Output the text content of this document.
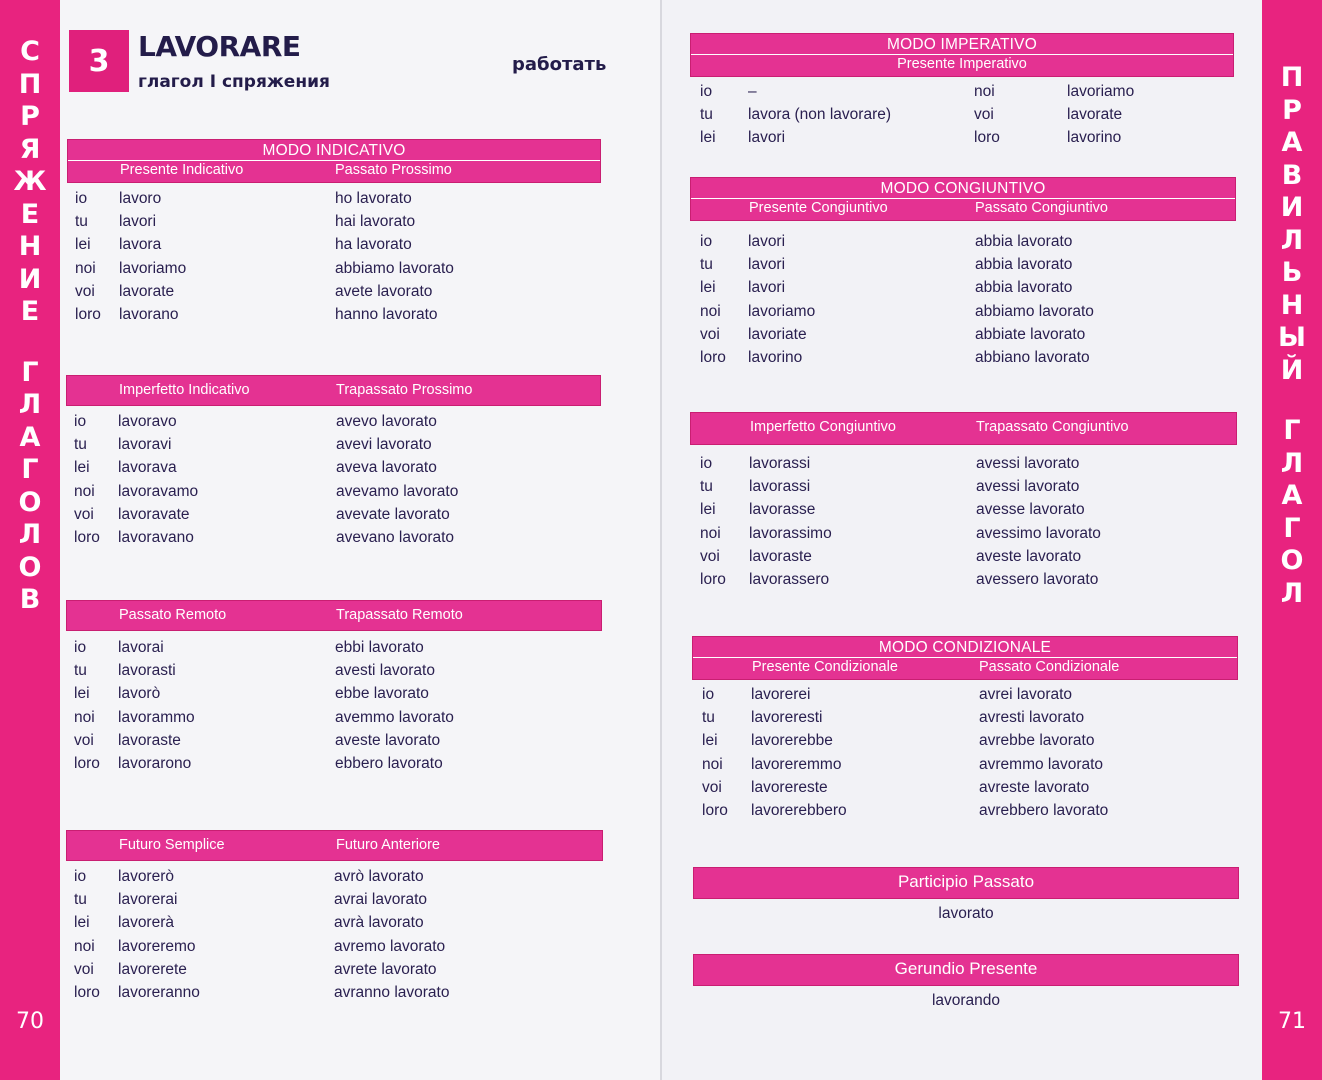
С
П
Р
Я
Ж
Е
Н
И
Е
Г
Л
А
Г
О
Л
О
В
70
П
Р
А
В
И
Л
Ь
Н
Ы
Й
Г
Л
А
Г
О
Л
71
3	LAVORARE
глагол I спряжения
работать
MODO INDICATIVO
Presente Indicativo	Passato Prossimo
io lavoro	ho lavorato
tu lavori	hai lavorato
lei lavora	ha lavorato
noi lavoriamo	abbiamo lavorato
voi lavorate	avete lavorato
loro lavorano	hanno lavorato
Imperfetto Indicativo	Trapassato Prossimo
io lavoravo	avevo lavorato
tu lavoravi	avevi lavorato
lei lavorava	aveva lavorato
noi lavoravamo	avevamo lavorato
voi lavoravate	avevate lavorato
loro lavoravano	avevano lavorato
Passato Remoto	Trapassato Remoto
io lavorai	ebbi lavorato
tu lavorasti	avesti lavorato
lei lavorò	ebbe lavorato
noi lavorammo	avemmo lavorato
voi lavoraste	aveste lavorato
loro lavorarono	ebbero lavorato
Futuro Semplice	Futuro Anteriore
io lavorerò	avrò lavorato
tu lavorerai	avrai lavorato
lei lavorerà	avrà lavorato
noi lavoreremo	avremo lavorato
voi lavorerete	avrete lavorato
loro lavoreranno	avranno lavorato
MODO IMPERATIVO
Presente Imperativo
io –	noi	lavoriamo
tu lavora (non lavorare)	voi	lavorate
lei lavori	loro	lavorino
MODO CONGIUNTIVO
Presente Congiuntivo	Passato Congiuntivo
io lavori	abbia lavorato
tu lavori	abbia lavorato
lei lavori	abbia lavorato
noi lavoriamo	abbiamo lavorato
voi lavoriate	abbiate lavorato
loro lavorino	abbiano lavorato
Imperfetto Congiuntivo	Trapassato Congiuntivo
io lavorassi	avessi lavorato
tu lavorassi	avessi lavorato
lei lavorasse	avesse lavorato
noi lavorassimo	avessimo lavorato
voi lavoraste	aveste lavorato
loro lavorassero	avessero lavorato
MODO CONDIZIONALE
Presente Condizionale	Passato Condizionale
io lavorerei	avrei lavorato
tu lavoreresti	avresti lavorato
lei lavorerebbe	avrebbe lavorato
noi lavoreremmo	avremmo lavorato
voi lavorereste	avreste lavorato
loro lavorerebbero	avrebbero lavorato
Participio Passato
lavorato
Gerundio Presente
lavorando
